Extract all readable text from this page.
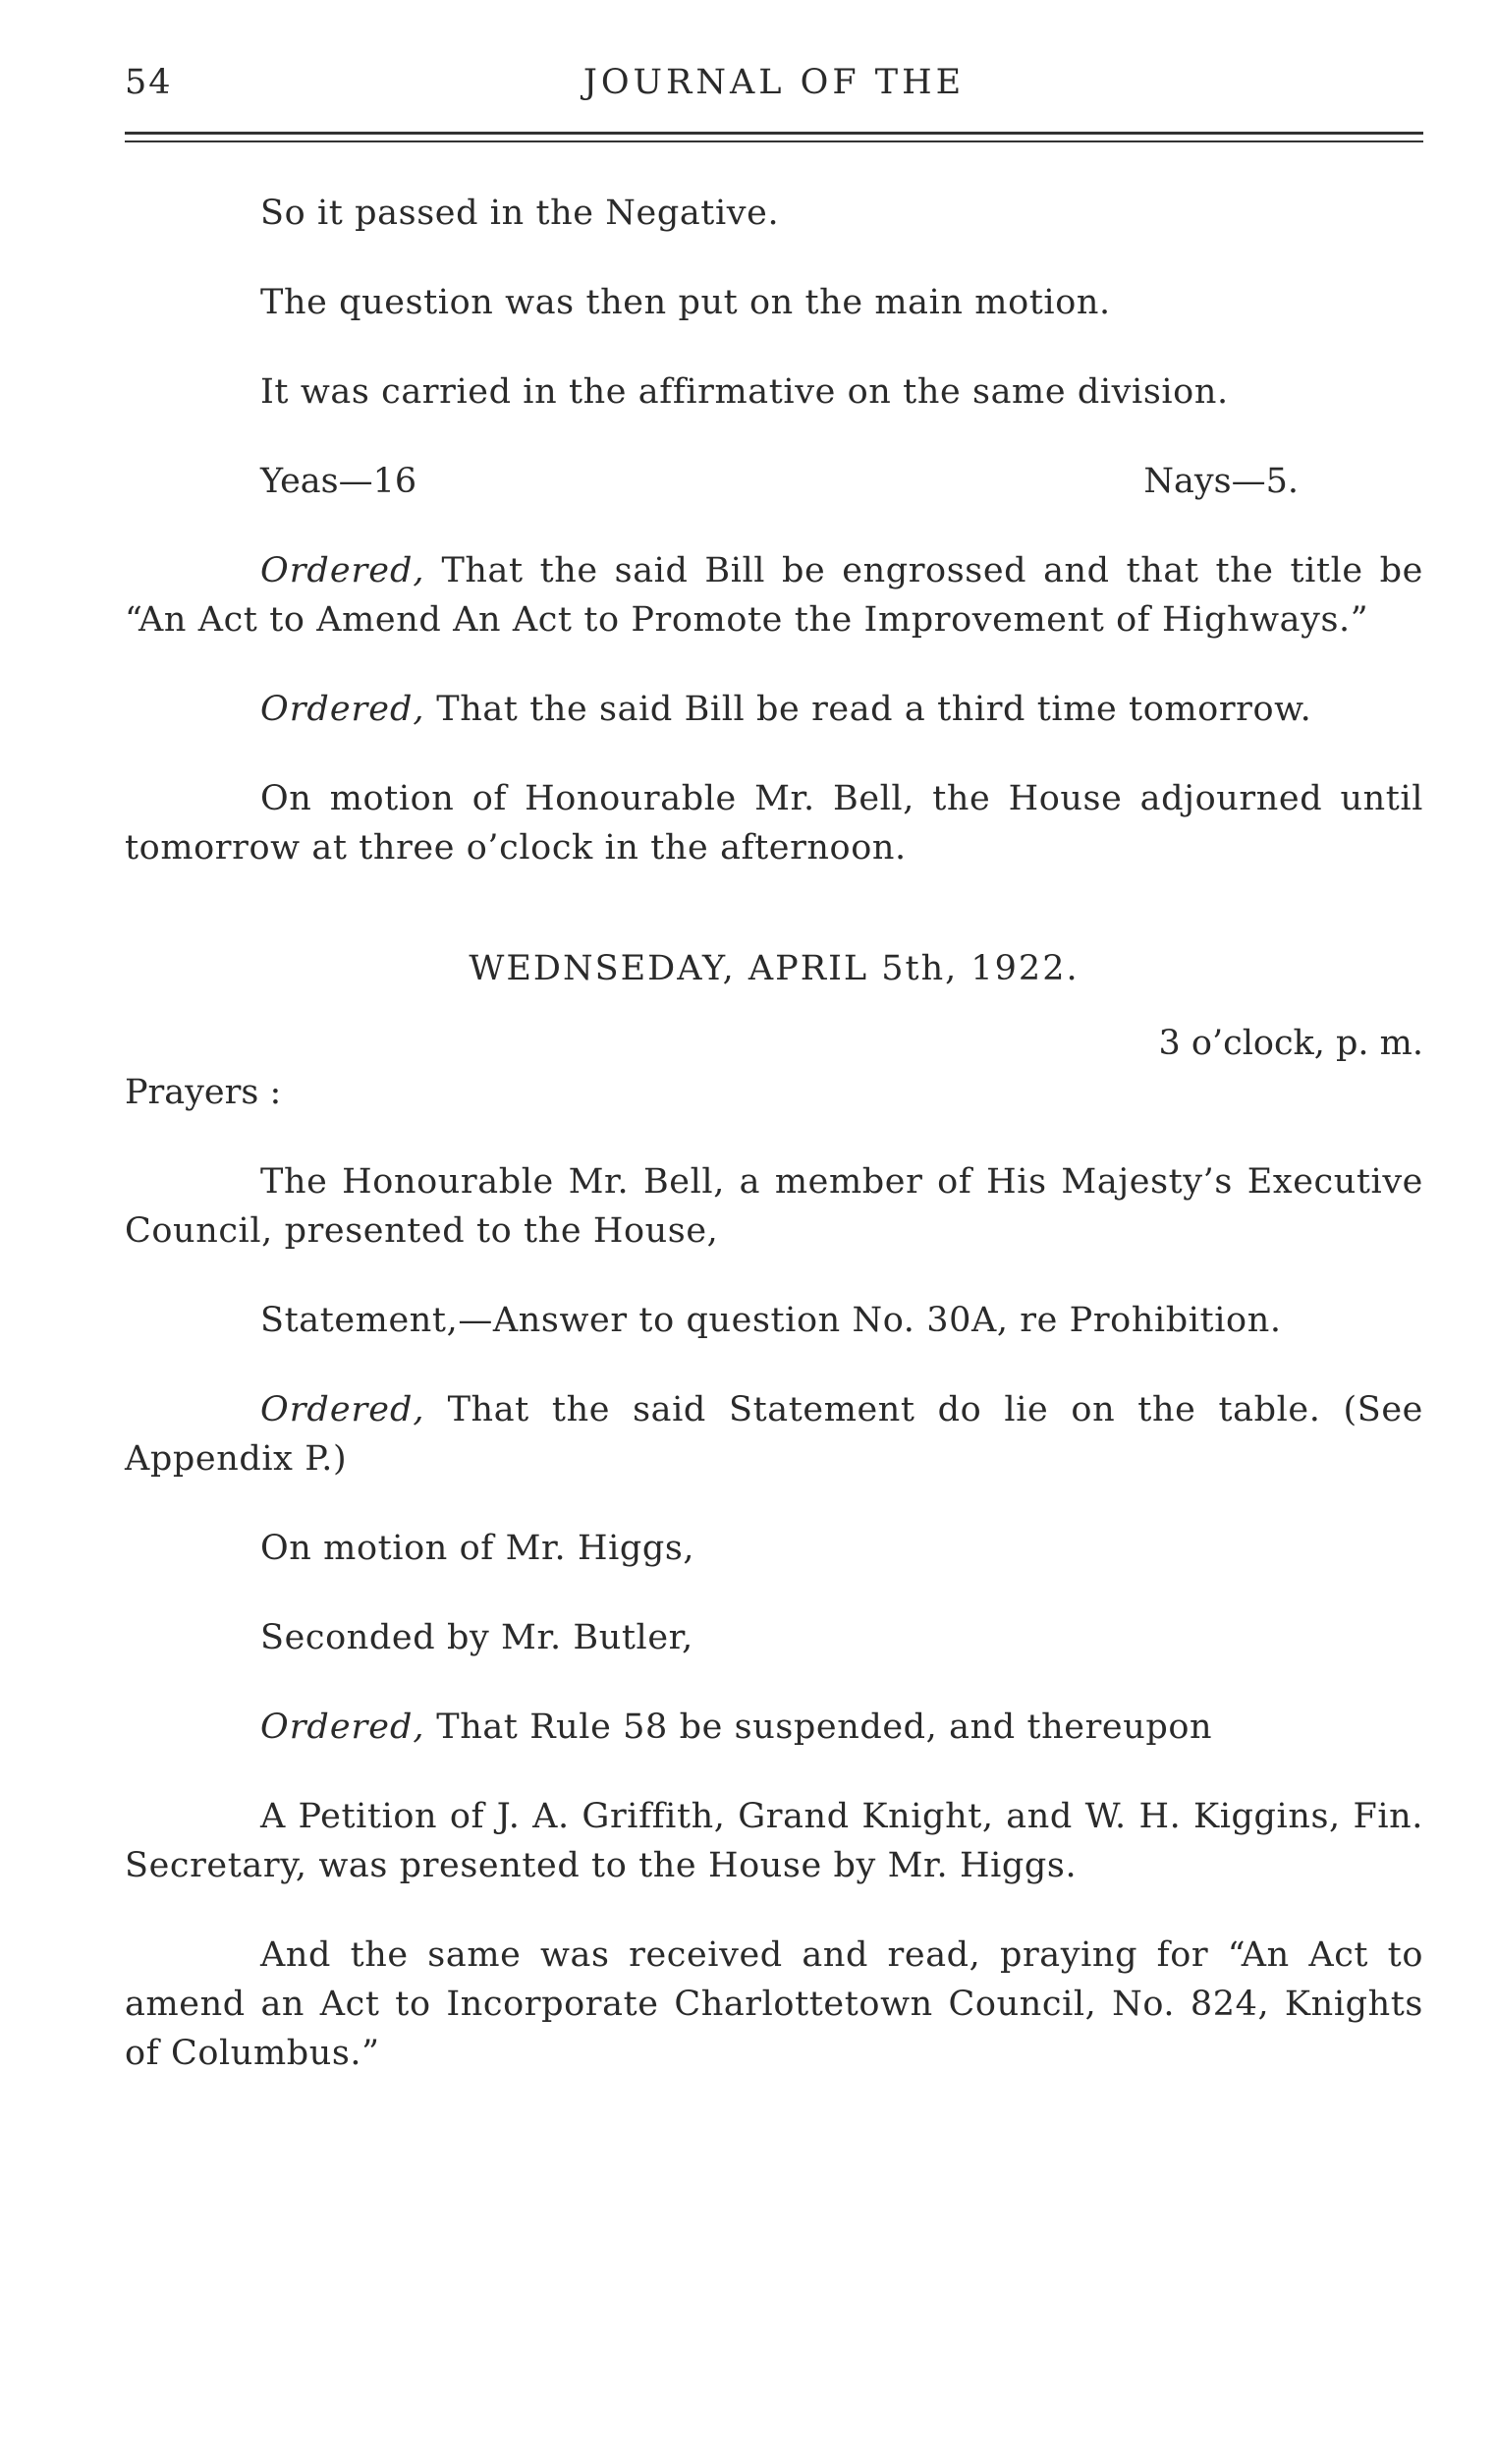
54	JOURNAL OF THE

So it passed in the Negative.

The question was then put on the main motion.

It was carried in the affirmative on the same division.

Yeas—16	Nays—5.

Ordered, That the said Bill be engrossed and that the title be “An Act to Amend An Act to Promote the Improvement of Highways.”

Ordered, That the said Bill be read a third time tomorrow.

On motion of Honourable Mr. Bell, the House adjourned until tomorrow at three o’clock in the afternoon.

WEDNSEDAY, APRIL 5th, 1922.
3 o’clock, p. m.
Prayers :

The Honourable Mr. Bell, a member of His Majesty’s Executive Council, presented to the House,

Statement,—Answer to question No. 30A, re Prohibition.

Ordered, That the said Statement do lie on the table. (See Appendix P.)

On motion of Mr. Higgs,

Seconded by Mr. Butler,

Ordered, That Rule 58 be suspended, and thereupon

A Petition of J. A. Griffith, Grand Knight, and W. H. Kiggins, Fin. Secretary, was presented to the House by Mr. Higgs.

And the same was received and read, praying for “An Act to amend an Act to Incorporate Charlottetown Council, No. 824, Knights of Columbus.”
